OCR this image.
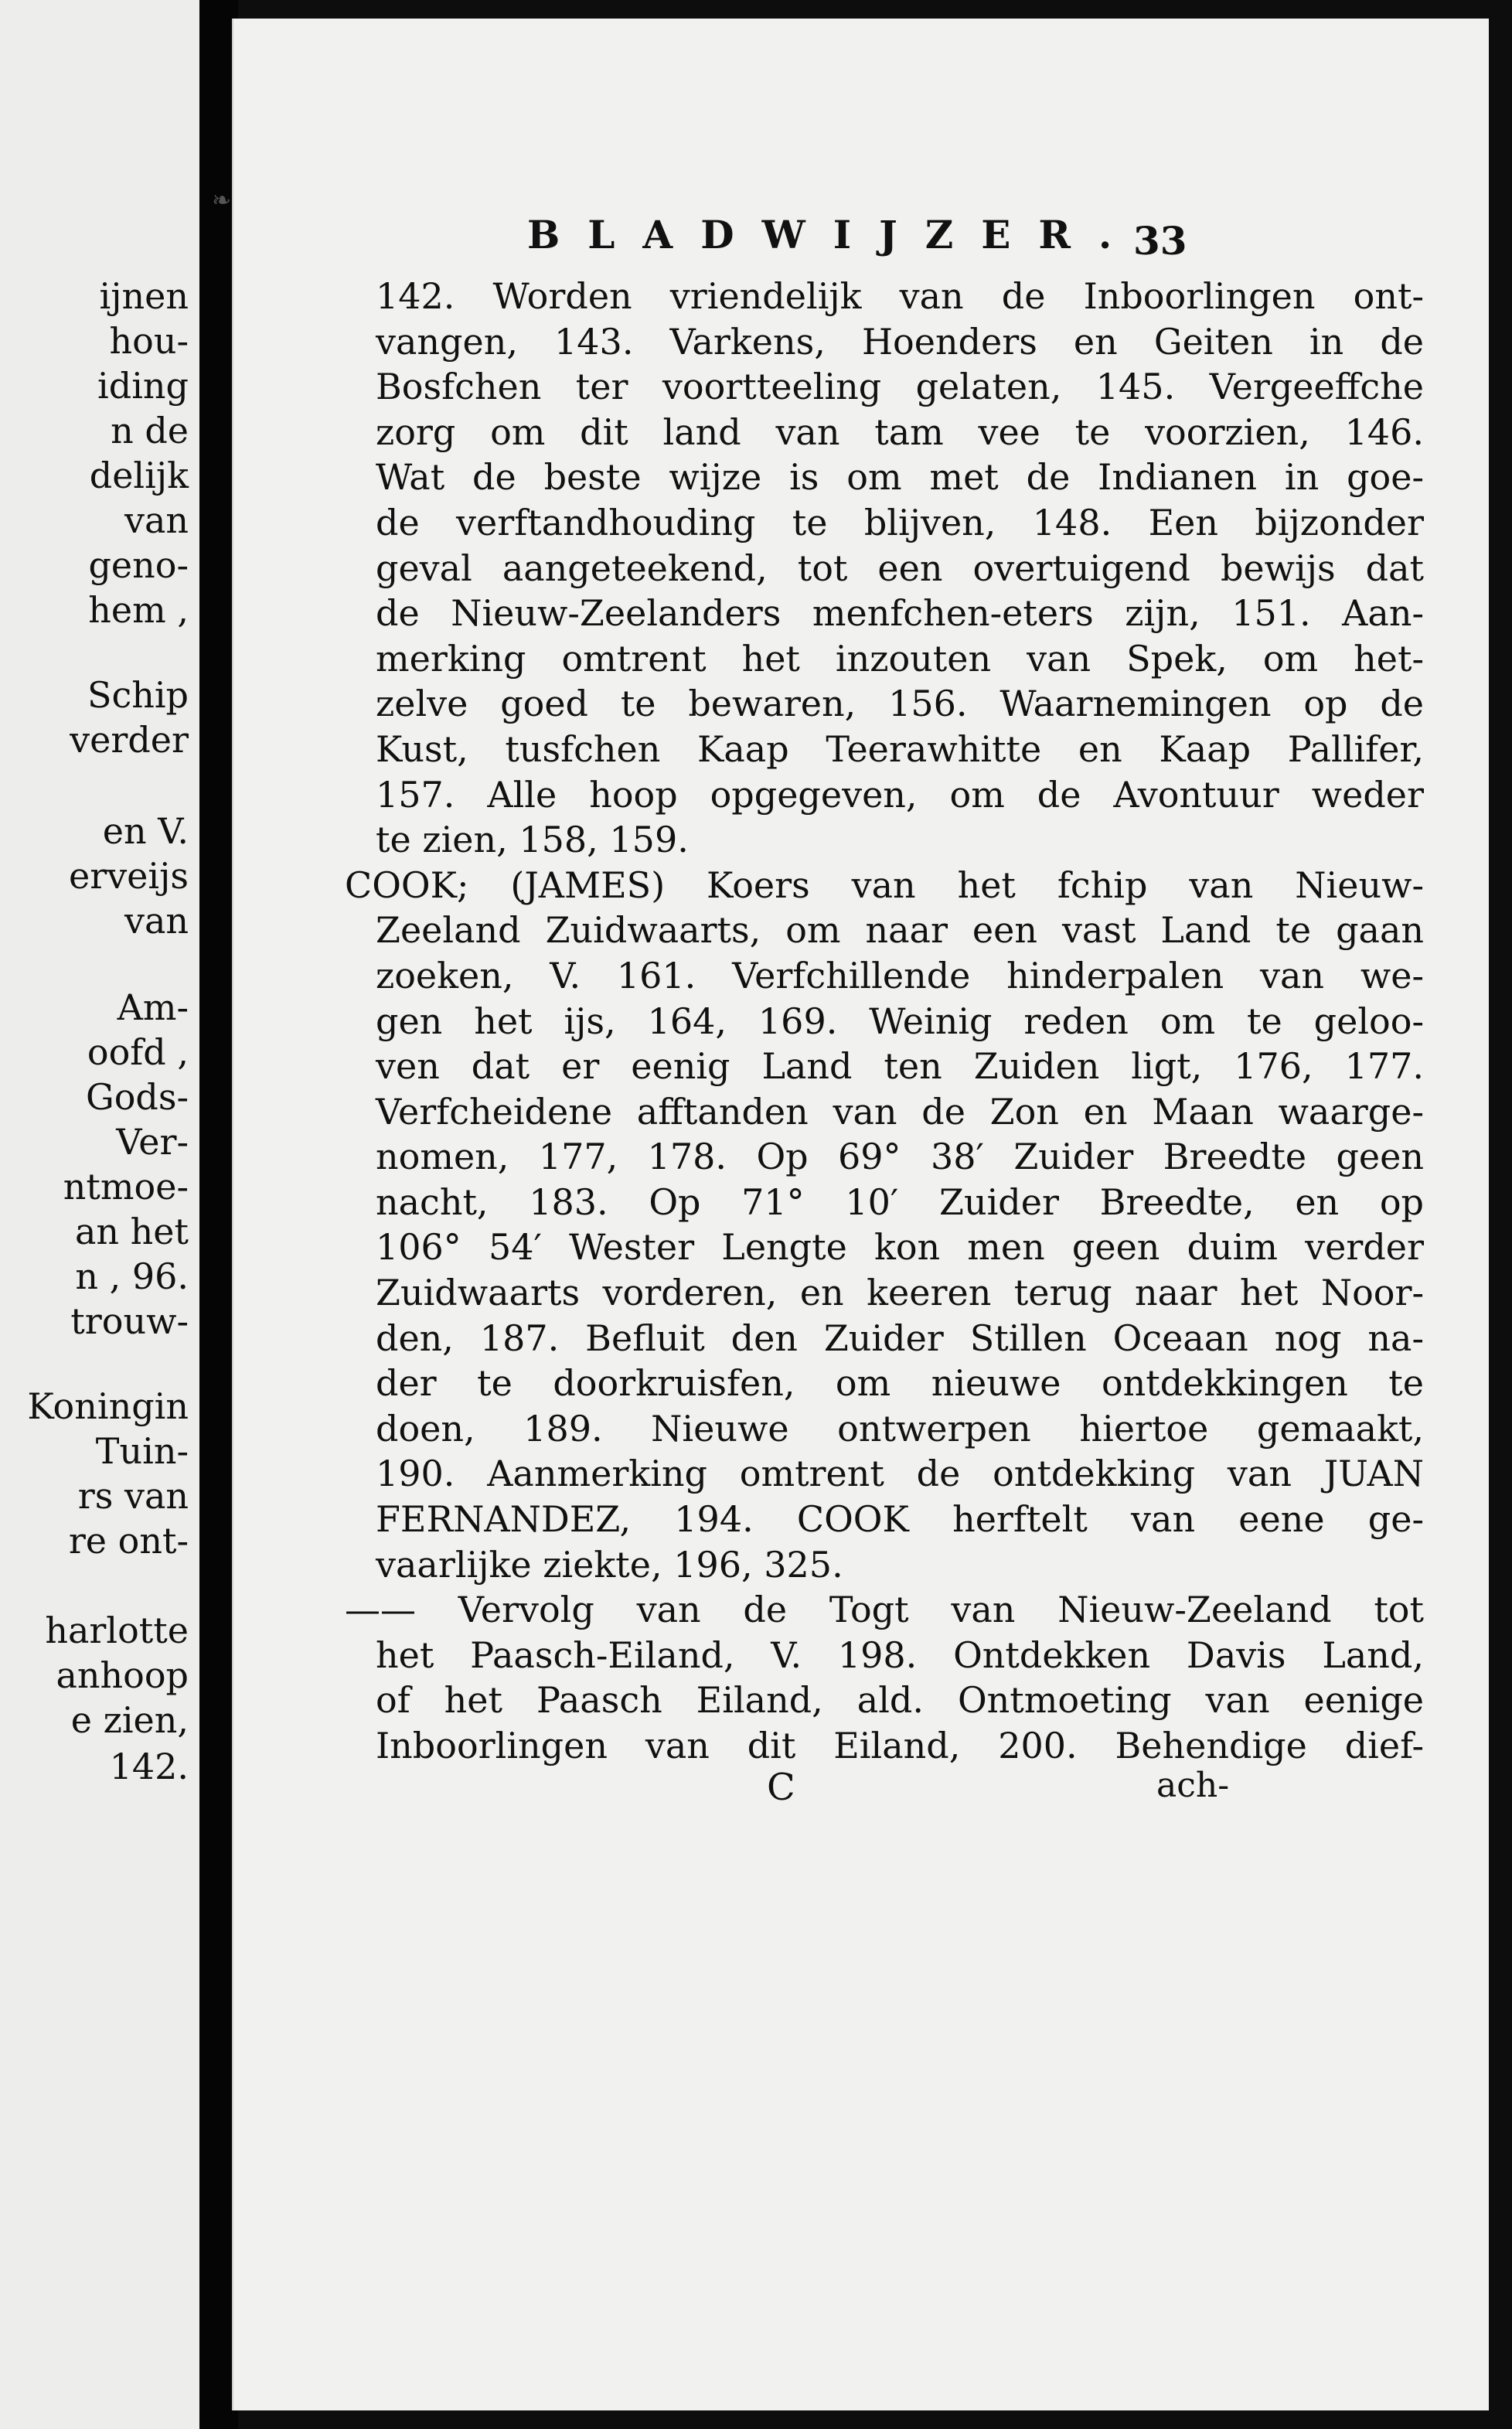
ijnen
hou-
iding
n de
delijk
van
geno-
hem ,
Schip
verder
en V.
erveijs
van
Am-
oofd ,
Gods-
Ver-
ntmoe-
an het
n , 96.
trouw-
Koningin
Tuin-
rs van
re ont-
harlotte
anhoop
e zien,
142.
❧
BLADWIJZER.
33
142. Worden vriendelijk van de Inboorlingen ont-
vangen, 143. Varkens, Hoenders en Geiten in de
Bosfchen ter voortteeling gelaten, 145. Vergeeffche
zorg om dit land van tam vee te voorzien, 146.
Wat de beste wijze is om met de Indianen in goe-
de verftandhouding te blijven, 148. Een bijzonder
geval aangeteekend, tot een overtuigend bewijs dat
de Nieuw-Zeelanders menfchen-eters zijn, 151. Aan-
merking omtrent het inzouten van Spek, om het-
zelve goed te bewaren, 156. Waarnemingen op de
Kust, tusfchen Kaap Teerawhitte en Kaap Pallifer,
157. Alle hoop opgegeven, om de Avontuur weder
te zien, 158, 159.
COOK; (JAMES) Koers van het fchip van Nieuw-
Zeeland Zuidwaarts, om naar een vast Land te gaan
zoeken, V. 161. Verfchillende hinderpalen van we-
gen het ijs, 164, 169. Weinig reden om te geloo-
ven dat er eenig Land ten Zuiden ligt, 176, 177.
Verfcheidene afftanden van de Zon en Maan waarge-
nomen, 177, 178. Op 69° 38′ Zuider Breedte geen
nacht, 183. Op 71° 10′ Zuider Breedte, en op
106° 54′ Wester Lengte kon men geen duim verder
Zuidwaarts vorderen, en keeren terug naar het Noor-
den, 187. Befluit den Zuider Stillen Oceaan nog na-
der te doorkruisfen, om nieuwe ontdekkingen te
doen, 189. Nieuwe ontwerpen hiertoe gemaakt,
190. Aanmerking omtrent de ontdekking van JUAN
FERNANDEZ, 194. COOK herftelt van eene ge-
vaarlijke ziekte, 196, 325.
—— Vervolg van de Togt van Nieuw-Zeeland tot
het Paasch-Eiland, V. 198. Ontdekken Davis Land,
of het Paasch Eiland, ald. Ontmoeting van eenige
Inboorlingen van dit Eiland, 200. Behendige dief-
C	ach-
